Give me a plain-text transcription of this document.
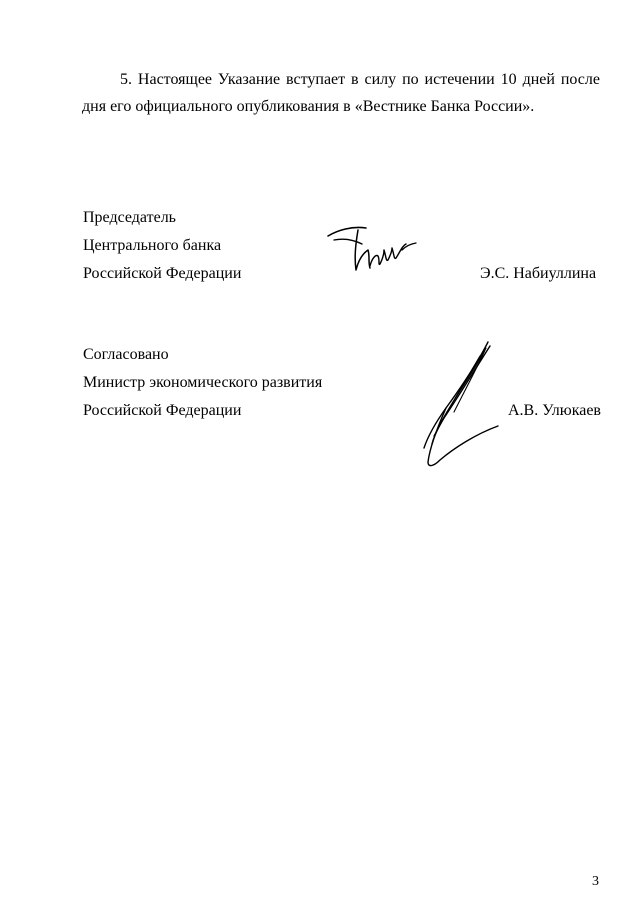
5. Настоящее Указание вступает в силу по истечении 10 дней после дня его официального опубликования в «Вестнике Банка России».

Председатель
Центрального банка
Российской Федерации	Э.С. Набиуллина
Согласовано
Министр экономического развития
Российской Федерации	А.В. Улюкаев
3
